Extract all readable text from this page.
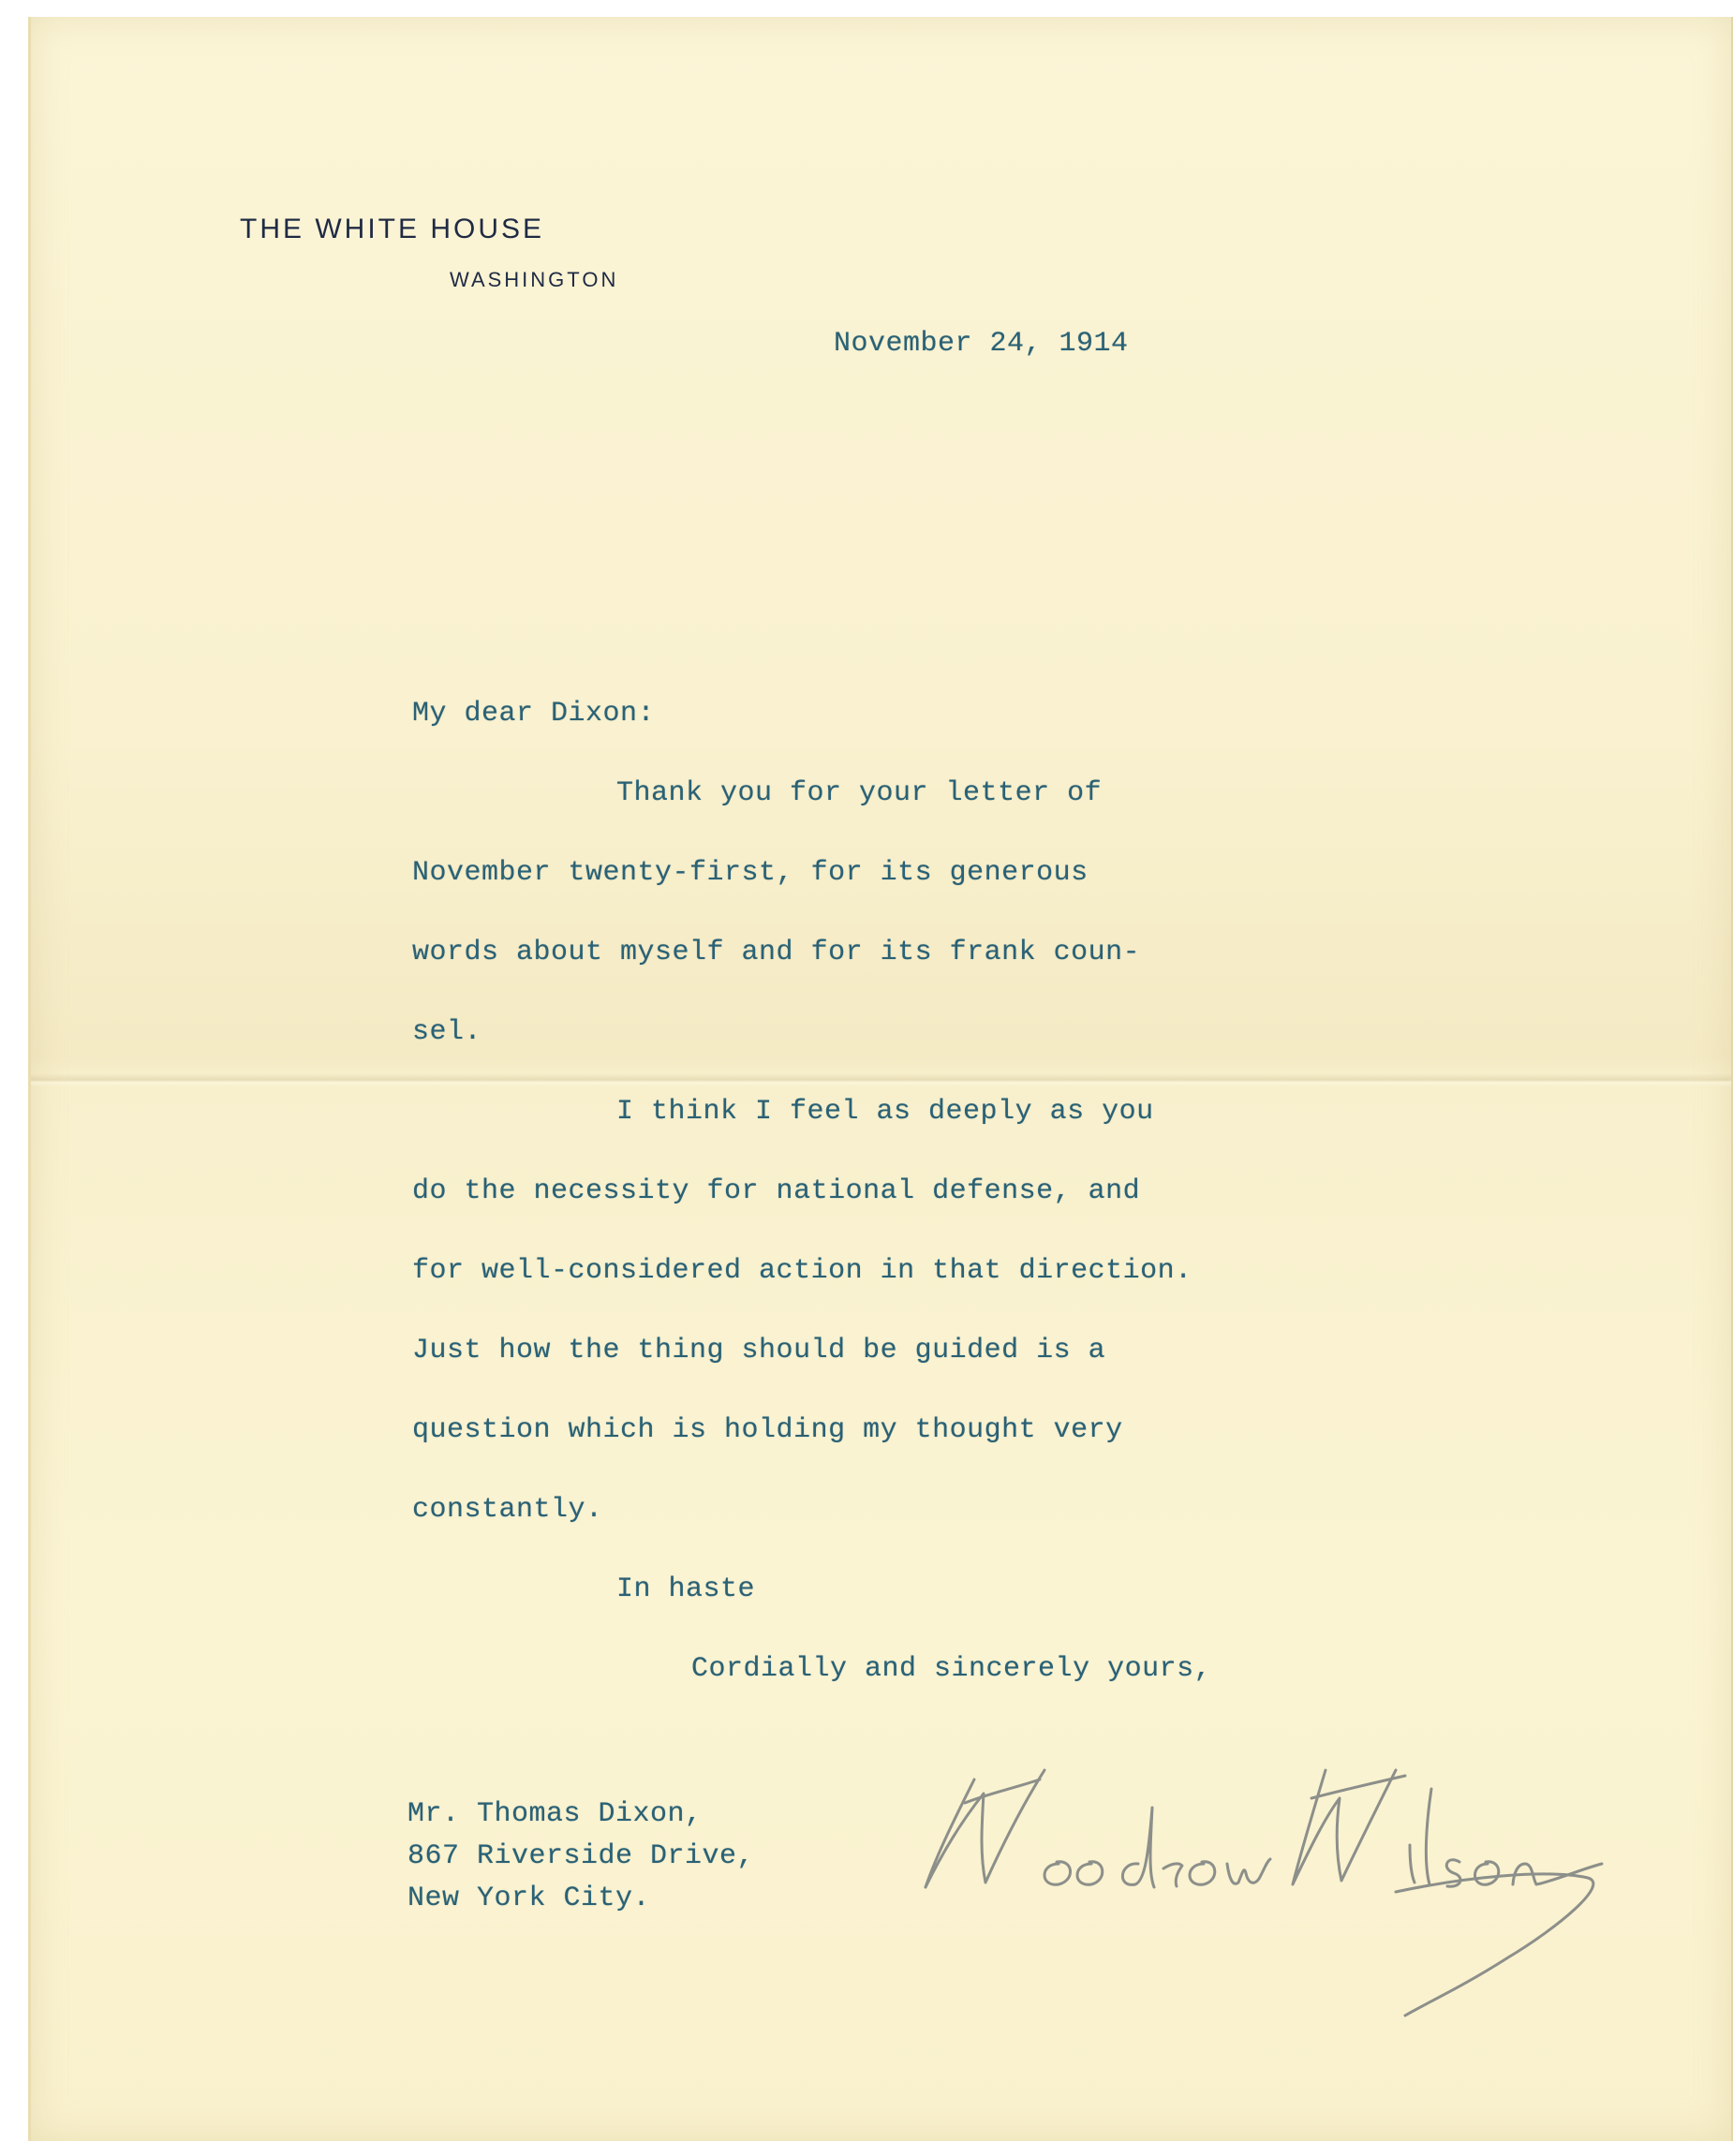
THE WHITE HOUSE
WASHINGTON
November 24, 1914
My dear Dixon:
Thank you for your letter of
November twenty-first, for its generous
words about myself and for its frank coun-
sel.
I think I feel as deeply as you
do the necessity for national defense, and
for well-considered action in that direction.
Just how the thing should be guided is a
question which is holding my thought very
constantly.
In haste
Cordially and sincerely yours,
Woodrow Wilson
Mr. Thomas Dixon,
867 Riverside Drive,
New York City.
